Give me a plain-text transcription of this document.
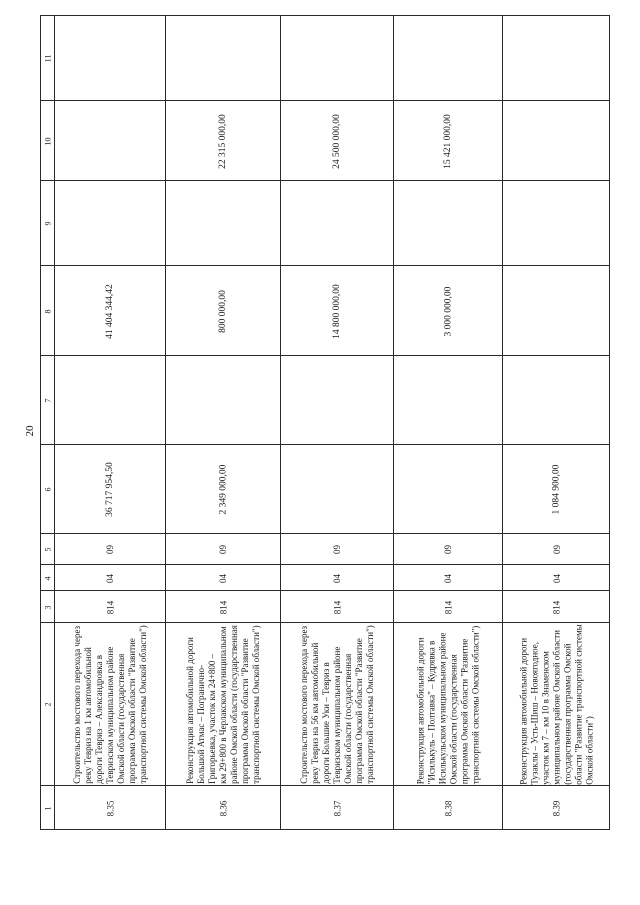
20
1
2
3
4
5
6
7
8
9
10
11
8.35
Строительство мостового перехода через реку Тевриз на 1 км автомобильной дороги Тевриз – Александровка в Тевризском муниципальном районе Омской области (государственная программа Омской области "Развитие транспортной системы Омской области")
814
04
09
36 717 954,50
41 404 344,42
8.36
Реконструкция автомобильной дороги Большой Атмас – Погранично- Григорьевка, участок км 24+800 – км 29+800 в Черлакском муниципальном районе Омской области (государственная программа Омской области "Развитие транспортной системы Омской области")
814
04
09
2 349 000,00
800 000,00
22 315 000,00
8.37
Строительство мостового перехода через реку Тевриз на 56 км автомобильной дороги Большие Уки – Тевриз в Тевризском муниципальном районе Омской области (государственная программа Омской области "Развитие транспортной системы Омской области")
814
04
09
14 800 000,00
24 500 000,00
8.38
Реконструкция автомобильной дороги "Исилькуль – Полтавка" – Кудрявка в Исилькульском муниципальном районе Омской области (государственная программа Омской области "Развитие транспортной системы Омской области")
814
04
09
3 000 000,00
15 421 000,00
8.39
Реконструкция автомобильной дороги Тузаклы – Усть-Шиш – Новоягодное, участок км 7 – км 10 в Знаменском муниципальном районе Омской области (государственная программа Омской области "Развитие транспортной системы Омской области")
814
04
09
1 084 900,00
